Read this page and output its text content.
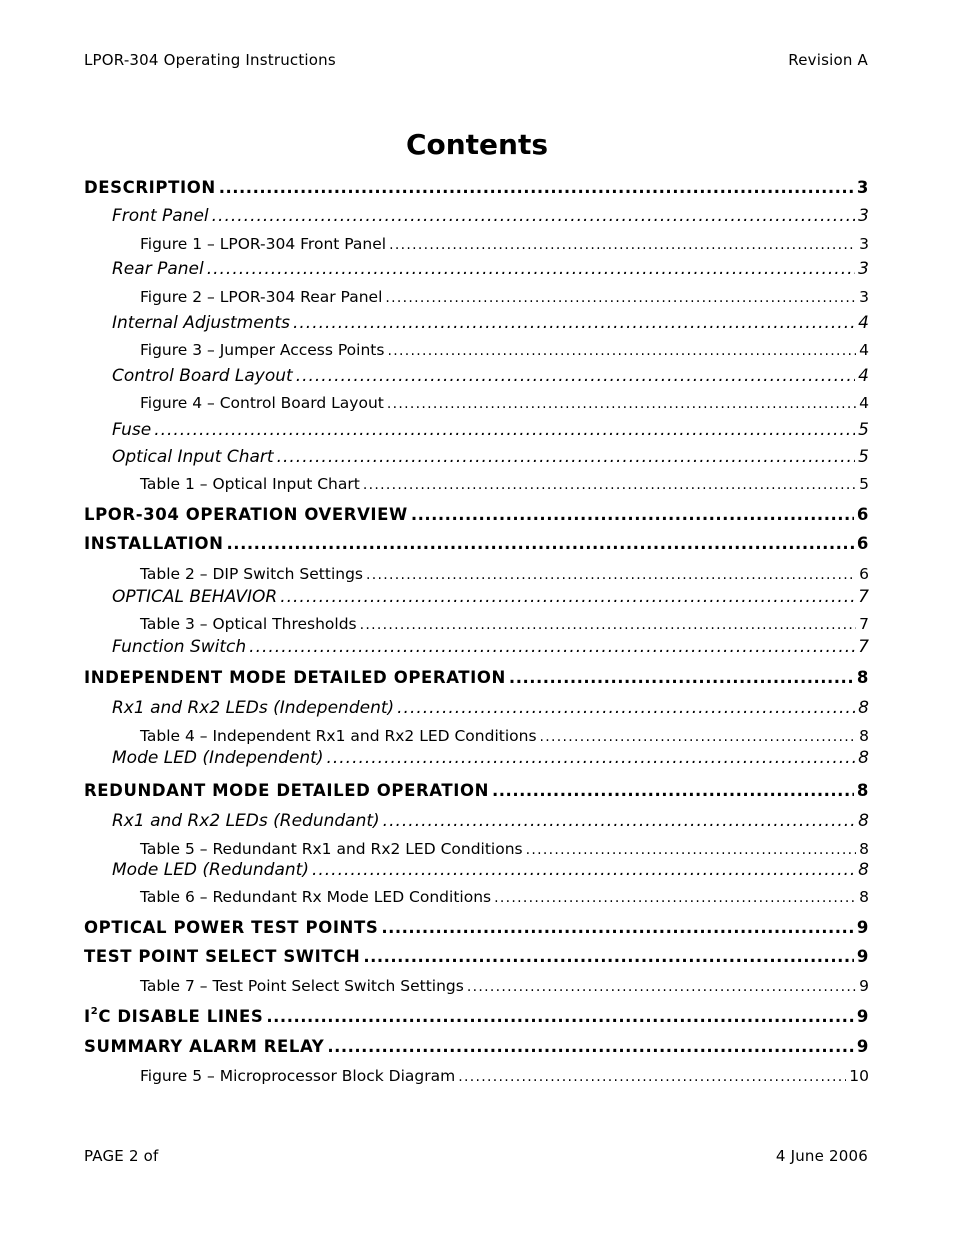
LPOR-304 Operating Instructions	Revision A
Contents
DESCRIPTION .....	3
Front Panel .....	3
Figure 1 – LPOR-304 Front Panel .....	3
Rear Panel .....	3
Figure 2 – LPOR-304 Rear Panel .....	3
Internal Adjustments .....	4
Figure 3 – Jumper Access Points .....	4
Control Board Layout .....	4
Figure 4 – Control Board Layout .....	4
Fuse .....	5
Optical Input Chart .....	5
Table 1 – Optical Input Chart .....	5
LPOR-304 OPERATION OVERVIEW .....	6
INSTALLATION .....	6
Table 2 – DIP Switch Settings .....	6
OPTICAL BEHAVIOR .....	7
Table 3 – Optical Thresholds .....	7
Function Switch .....	7
INDEPENDENT MODE DETAILED OPERATION .....	8
Rx1 and Rx2 LEDs (Independent) .....	8
Table 4 – Independent Rx1 and Rx2 LED Conditions .....	8
Mode LED (Independent) .....	8
REDUNDANT MODE DETAILED OPERATION .....	8
Rx1 and Rx2 LEDs (Redundant) .....	8
Table 5 – Redundant Rx1 and Rx2 LED Conditions .....	8
Mode LED (Redundant) .....	8
Table 6 – Redundant Rx Mode LED Conditions .....	8
OPTICAL POWER TEST POINTS .....	9
TEST POINT SELECT SWITCH .....	9
Table 7 – Test Point Select Switch Settings .....	9
$I^2C$ DISABLE LINES .....	9
SUMMARY ALARM RELAY .....	9
Figure 5 – Microprocessor Block Diagram .....	10
PAGE 2 of	4 June 2006
